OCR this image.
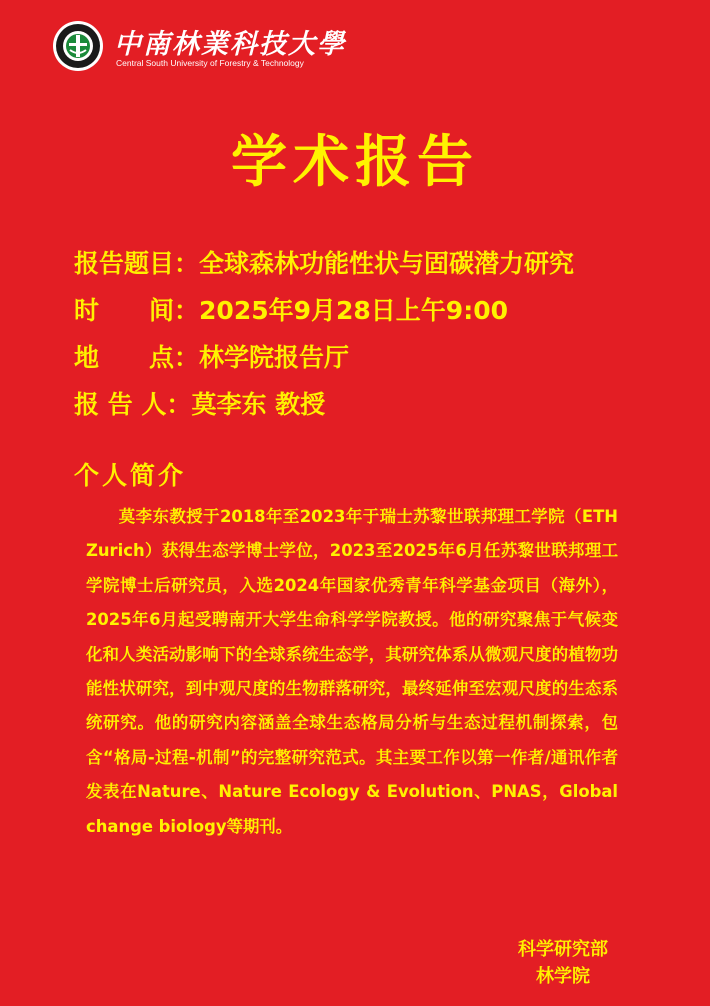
中南林業科技大學
Central South University of Forestry & Technology
学术报告
报告题目 ： 全球森林功能性状与固碳潜力研究
时　　间 ： 2025年9月28日上午9:00
地　　点 ： 林学院报告厅
报 告 人 ： 莫李东 教授
个人简介
莫李东教授于2018年至2023年于瑞士苏黎世联邦理工学院（ETH Zurich）获得生态学博士学位，2023至2025年6月任苏黎世联邦理工学院博士后研究员，入选2024年国家优秀青年科学基金项目（海外），2025年6月起受聘南开大学生命科学学院教授。他的研究聚焦于气候变化和人类活动影响下的全球系统生态学，其研究体系从微观尺度的植物功能性状研究，到中观尺度的生物群落研究，最终延伸至宏观尺度的生态系统研究。他的研究内容涵盖全球生态格局分析与生态过程机制探索，包含“格局-过程-机制”的完整研究范式。其主要工作以第一作者/通讯作者发表在Nature、Nature Ecology & Evolution、PNAS，Global change biology等期刊。
科学研究部
林学院
